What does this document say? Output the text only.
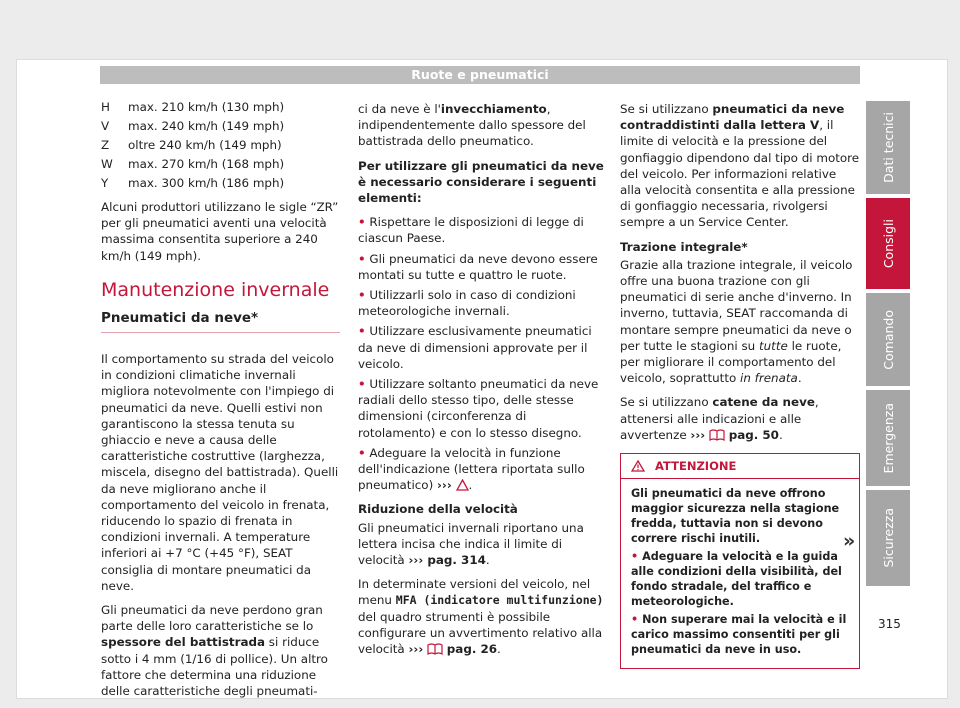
Ruote e pneumatici
H	max. 210 km/h (130 mph)
V	max. 240 km/h (149 mph)
Z	oltre 240 km/h (149 mph)
W	max. 270 km/h (168 mph)
Y	max. 300 km/h (186 mph)

Alcuni produttori utilizzano le sigle “ZR” per gli pneumatici aventi una velocità massima consentita superiore a 240 km/h (149 mph).

Manutenzione invernale
Pneumatici da neve*

Il comportamento su strada del veicolo in condizioni climatiche invernali migliora notevolmente con l'impiego di pneumatici da neve. Quelli estivi non garantiscono la stessa tenuta su ghiaccio e neve a causa delle caratteristiche costruttive (larghezza, miscela, disegno del battistrada). Quelli da neve migliorano anche il comportamento del veicolo in frenata, riducendo lo spazio di frenata in condizioni invernali. A temperature inferiori ai +7 °C (+45 °F), SEAT consiglia di montare pneumatici da neve.

Gli pneumatici da neve perdono gran parte delle loro caratteristiche se lo spessore del battistrada si riduce sotto i 4 mm (1/16 di pollice). Un altro fattore che determina una riduzione delle caratteristiche degli pneumati-

ci da neve è l'invecchiamento, indipendentemente dallo spessore del battistrada dello pneumatico.

Per utilizzare gli pneumatici da neve è necessario considerare i seguenti elementi:

• Rispettare le disposizioni di legge di ciascun Paese.

• Gli pneumatici da neve devono essere montati su tutte e quattro le ruote.

• Utilizzarli solo in caso di condizioni meteorologiche invernali.

• Utilizzare esclusivamente pneumatici da neve di dimensioni approvate per il veicolo.

• Utilizzare soltanto pneumatici da neve radiali dello stesso tipo, delle stesse dimensioni (circonferenza di rotolamento) e con lo stesso disegno.

• Adeguare la velocità in funzione dell'indicazione (lettera riportata sullo pneumatico) ››› .

Riduzione della velocità

Gli pneumatici invernali riportano una lettera incisa che indica il limite di velocità ››› pag. 314.

In determinate versioni del veicolo, nel menu MFA (indicatore multifunzione) del quadro strumenti è possibile configurare un avvertimento relativo alla velocità ››› pag. 26.

Se si utilizzano pneumatici da neve contraddistinti dalla lettera V, il limite di velocità e la pressione del gonfiaggio dipendono dal tipo di motore del veicolo. Per informazioni relative alla velocità consentita e alla pressione di gonfiaggio necessaria, rivolgersi sempre a un Service Center.

Trazione integrale*

Grazie alla trazione integrale, il veicolo offre una buona trazione con gli pneumatici di serie anche d'inverno. In inverno, tuttavia, SEAT raccomanda di montare sempre pneumatici da neve o per tutte le stagioni su tutte le ruote, per migliorare il comportamento del veicolo, soprattutto in frenata.

Se si utilizzano catene da neve, attenersi alle indicazioni e alle avvertenze ››› pag. 50.

ATTENZIONE

Gli pneumatici da neve offrono maggior sicurezza nella stagione fredda, tuttavia non si devono correre rischi inutili.

• Adeguare la velocità e la guida alle condizioni della visibilità, del fondo stradale, del traffico e meteorologiche.

• Non superare mai la velocità e il carico massimo consentiti per gli pneumatici da neve in uso.

»
Dati tecnici
Consigli
Comando
Emergenza
Sicurezza
315
